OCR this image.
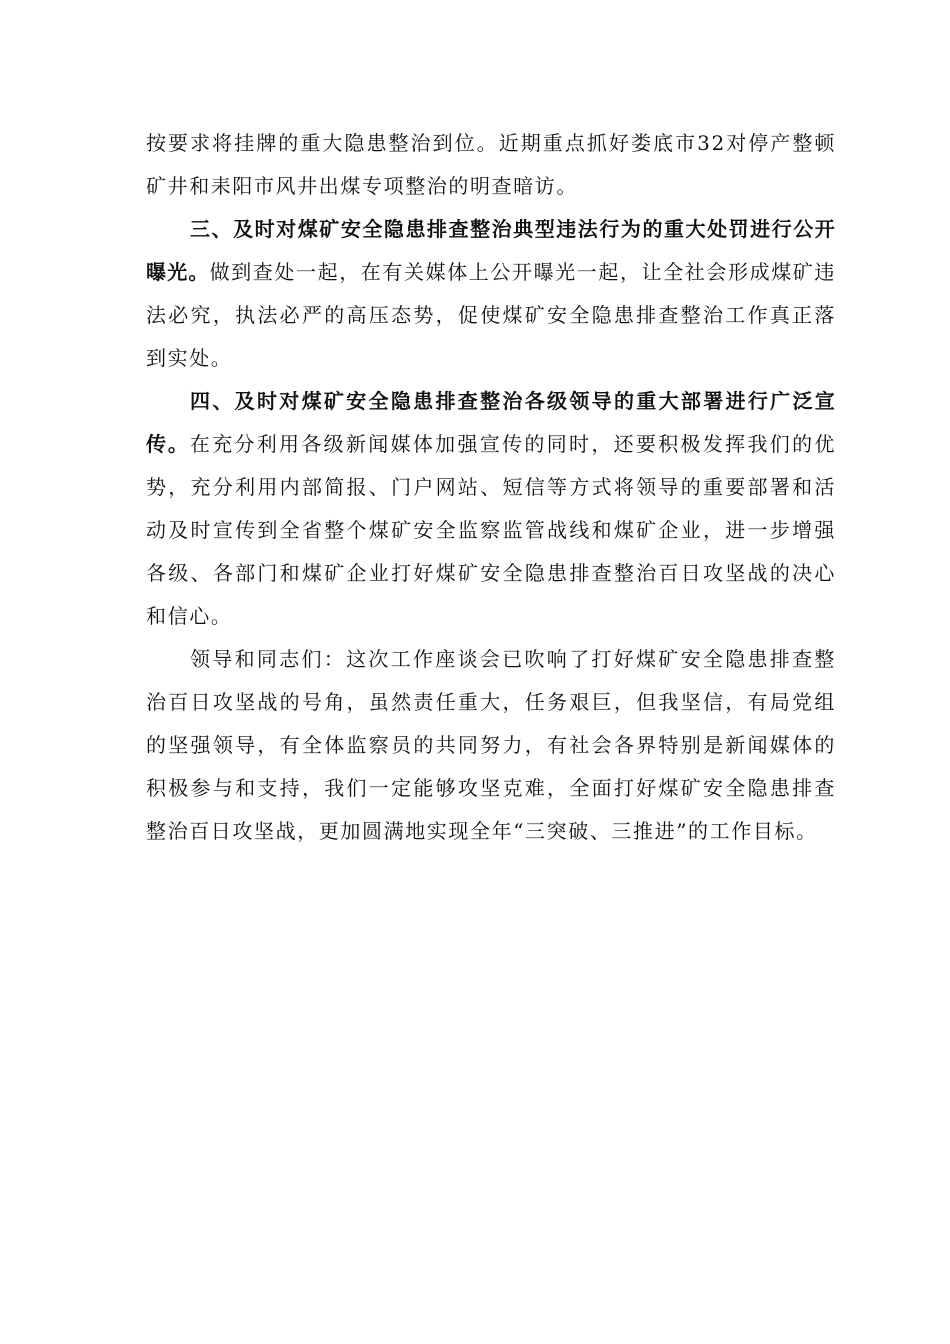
按要求将挂牌的重大隐患整治到位。近期重点抓好娄底市32对停产整顿矿井和耒阳市风井出煤专项整治的明查暗访。

三、及时对煤矿安全隐患排查整治典型违法行为的重大处罚进行公开曝光。做到查处一起，在有关媒体上公开曝光一起，让全社会形成煤矿违法必究，执法必严的高压态势，促使煤矿安全隐患排查整治工作真正落到实处。

四、及时对煤矿安全隐患排查整治各级领导的重大部署进行广泛宣传。在充分利用各级新闻媒体加强宣传的同时，还要积极发挥我们的优势，充分利用内部简报、门户网站、短信等方式将领导的重要部署和活动及时宣传到全省整个煤矿安全监察监管战线和煤矿企业，进一步增强各级、各部门和煤矿企业打好煤矿安全隐患排查整治百日攻坚战的决心和信心。

领导和同志们：这次工作座谈会已吹响了打好煤矿安全隐患排查整治百日攻坚战的号角，虽然责任重大，任务艰巨，但我坚信，有局党组的坚强领导，有全体监察员的共同努力，有社会各界特别是新闻媒体的积极参与和支持，我们一定能够攻坚克难，全面打好煤矿安全隐患排查整治百日攻坚战，更加圆满地实现全年“三突破、三推进”的工作目标。
